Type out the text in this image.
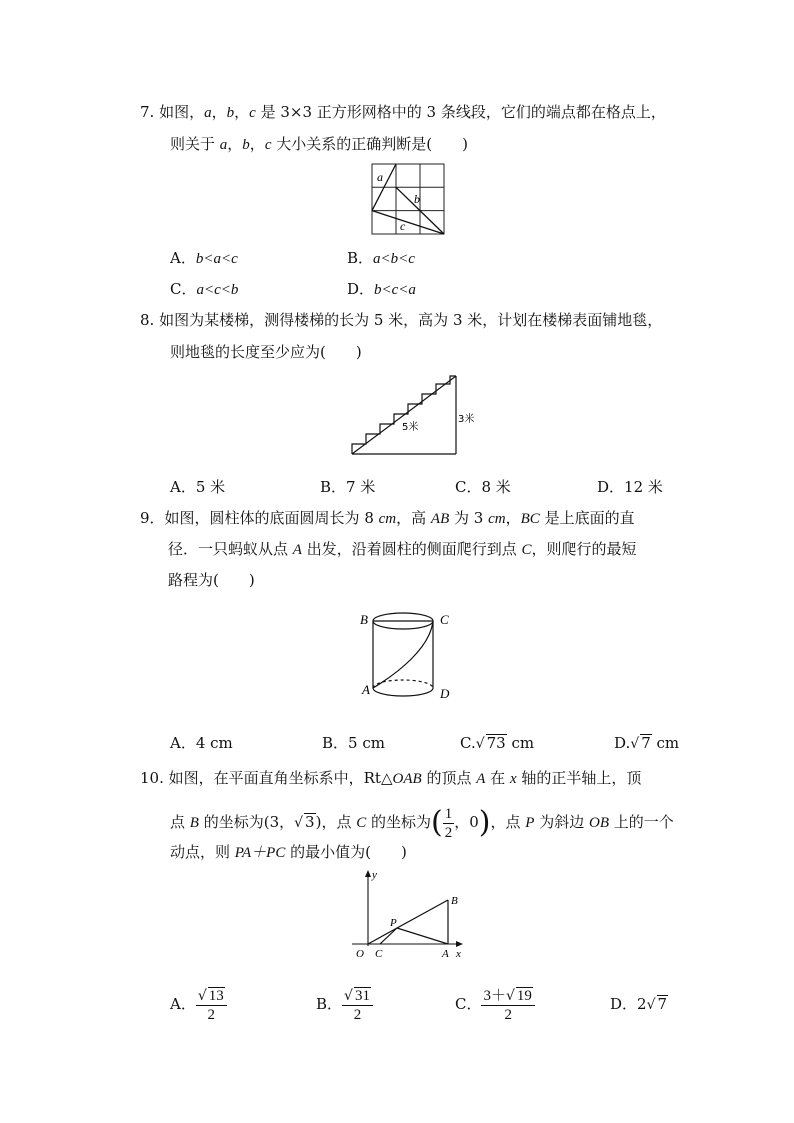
7. 如图，a，b，c 是 3×3 正方形网格中的 3 条线段，它们的端点都在格点上，
则关于 a，b，c 大小关系的正确判断是(　　)
a
b
c
A．b<a<c	B．a<b<c
C．a<c<b	D．b<c<a
8. 如图为某楼梯，测得楼梯的长为 5 米，高为 3 米，计划在楼梯表面铺地毯，
则地毯的长度至少应为(　　)
5米
3米
A．5 米	B．7 米	C．8 米	D．12 米
9．如图，圆柱体的底面圆周长为 8 cm，高 AB 为 3 cm，BC 是上底面的直
径．一只蚂蚁从点 A 出发，沿着圆柱的侧面爬行到点 C，则爬行的最短
路程为(　　)
B	C
A	D
A．4 cm	B．5 cm	C.√ 73 cm	D.√ 7 cm
10. 如图，在平面直角坐标系中，Rt△OAB 的顶点 A 在 x 轴的正半轴上，顶
点 B 的坐标为(3，√ 3)，点 C 的坐标为( $\frac{1}{2}$ ，0)，点 P 为斜边 OB 上的一个
动点，则 PA＋PC 的最小值为(　　)
y
x
O C	A
B
P
A． $\frac{√ 13}{2}$	B． $\frac{√ 31}{2}$	C． $\frac{3+√ 19}{2}$	D．2√ 7
